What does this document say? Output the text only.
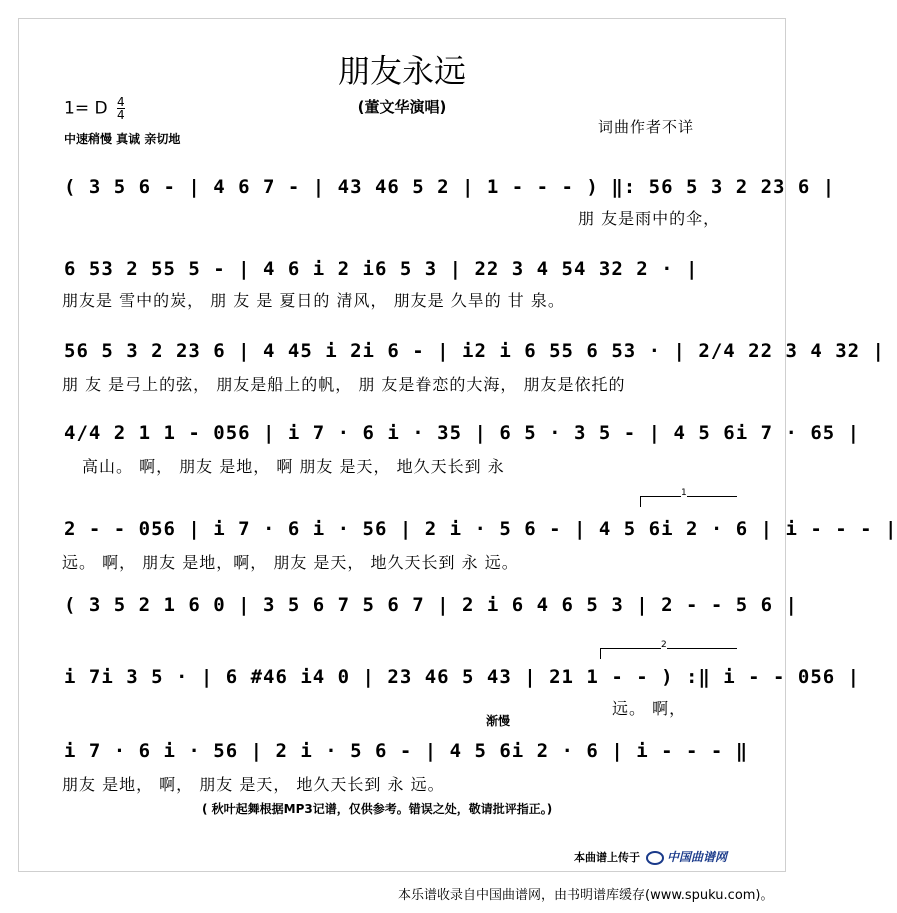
朋友永远
(董文华演唱)
1= D $\frac{4}{4}$
中速稍慢 真诚 亲切地
词曲作者不详
( 3 5 6 - | 4 6 7 - | 43 46 5 2 | 1 - - - ) ‖: 56 5 3 2 23 6 |
朋 友是雨中的伞，
6 53 2 55 5 - | 4 6 i 2 i6 5 3 | 22 3 4 54 32 2 · |
朋友是 雪中的炭， 朋 友 是 夏日的 清风， 朋友是 久旱的 甘 泉。
56 5 3 2 23 6 | 4 45 i 2i 6 - | i2 i 6 55 6 53 · | 2/4 22 3 4 32 |
朋 友 是弓上的弦， 朋友是船上的帆， 朋 友是眷恋的大海， 朋友是依托的
4/4 2 1 1 - 056 | i 7 · 6 i · 35 | 6 5 · 3 5 - | 4 5 6i 7 · 65 |
高山。 啊， 朋友 是地， 啊 朋友 是天， 地久天长到 永
1
2 - - 056 | i 7 · 6 i · 56 | 2 i · 5 6 - | 4 5 6i 2 · 6 | i - - - |
远。 啊， 朋友 是地，啊， 朋友 是天， 地久天长到 永 远。
( 3 5 2 1 6 0 | 3 5 6 7 5 6 7 | 2 i 6 4 6 5 3 | 2 - - 5 6 |
2
i 7i 3 5 · | 6 #46 i4 0 | 23 46 5 43 | 21 1 - - ) :‖ i - - 056 |
远。 啊，
渐慢
i 7 · 6 i · 56 | 2 i · 5 6 - | 4 5 6i 2 · 6 | i - - - ‖
朋友 是地， 啊， 朋友 是天， 地久天长到 永 远。
( 秋叶起舞根据MP3记谱，仅供参考。错误之处，敬请批评指正。)
本曲谱上传于 中国曲谱网
本乐谱收录自中国曲谱网，由书明谱库缓存(www.spuku.com)。
